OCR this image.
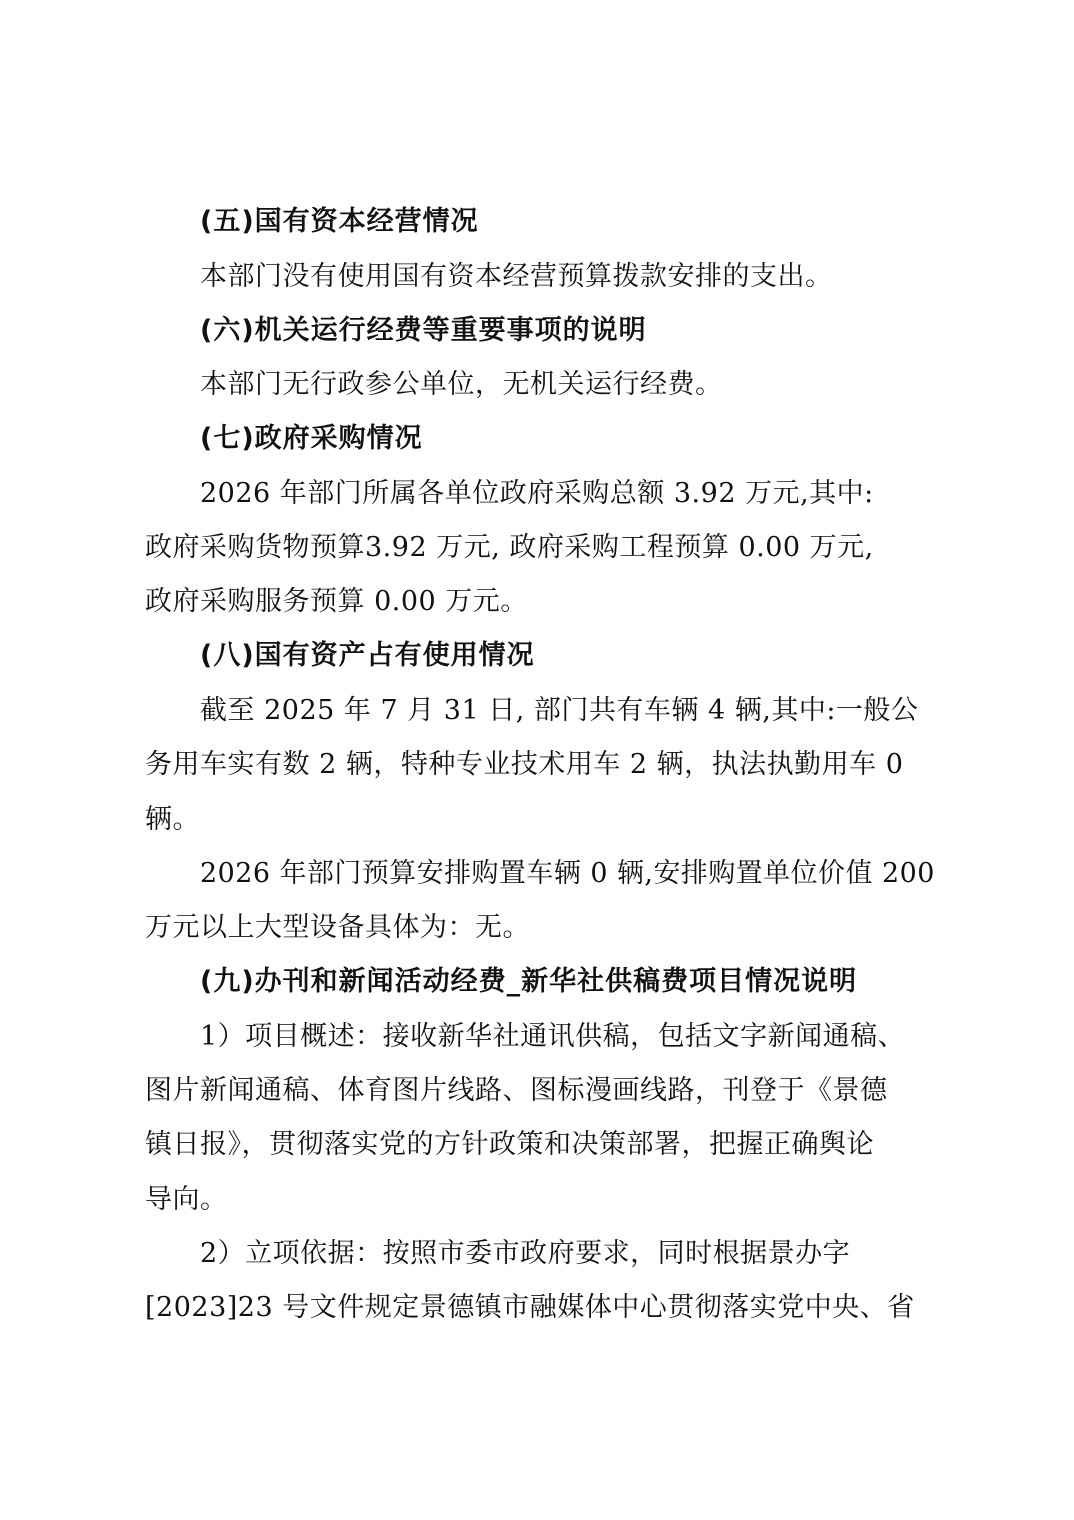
(五)国有资本经营情况
本部门没有使用国有资本经营预算拨款安排的支出。
(六)机关运行经费等重要事项的说明
本部门无行政参公单位，无机关运行经费。
(七)政府采购情况
2026 年部门所属各单位政府采购总额 3.92 万元,其中:
政府采购货物预算3.92 万元, 政府采购工程预算 0.00 万元,
政府采购服务预算 0.00 万元。
(八)国有资产占有使用情况
截至 2025 年 7 月 31 日, 部门共有车辆 4 辆,其中:一般公
务用车实有数 2 辆，特种专业技术用车 2 辆，执法执勤用车 0
辆。
2026 年部门预算安排购置车辆 0 辆,安排购置单位价值 200
万元以上大型设备具体为：无。
(九)办刊和新闻活动经费_新华社供稿费项目情况说明
1）项目概述：接收新华社通讯供稿，包括文字新闻通稿、
图片新闻通稿、体育图片线路、图标漫画线路，刊登于《景德
镇日报》，贯彻落实党的方针政策和决策部署，把握正确舆论
导向。
2）立项依据：按照市委市政府要求，同时根据景办字
[2023]23 号文件规定景德镇市融媒体中心贯彻落实党中央、省
